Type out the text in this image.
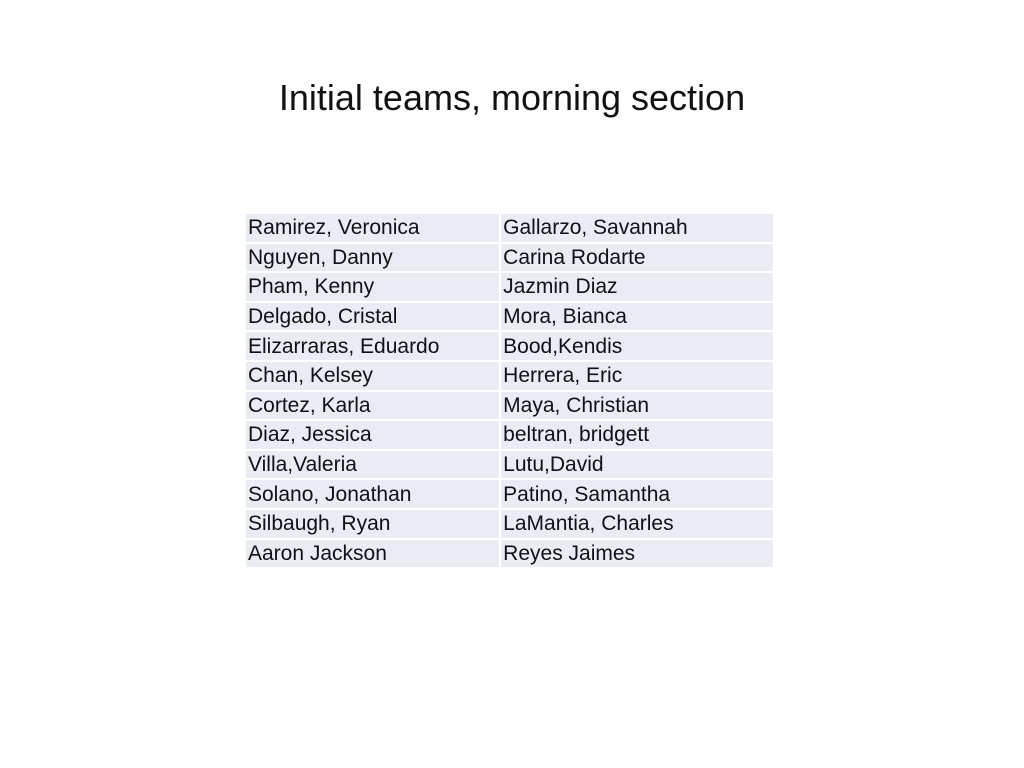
Initial teams, morning section
Ramirez, Veronica	Gallarzo, Savannah
Nguyen, Danny	Carina Rodarte
Pham, Kenny	Jazmin Diaz
Delgado, Cristal	Mora, Bianca
Elizarraras, Eduardo	Bood,Kendis
Chan, Kelsey	Herrera, Eric
Cortez, Karla	Maya, Christian
Diaz, Jessica	beltran, bridgett
Villa,Valeria	Lutu,David
Solano, Jonathan	Patino, Samantha
Silbaugh, Ryan	LaMantia, Charles
Aaron Jackson	Reyes Jaimes
